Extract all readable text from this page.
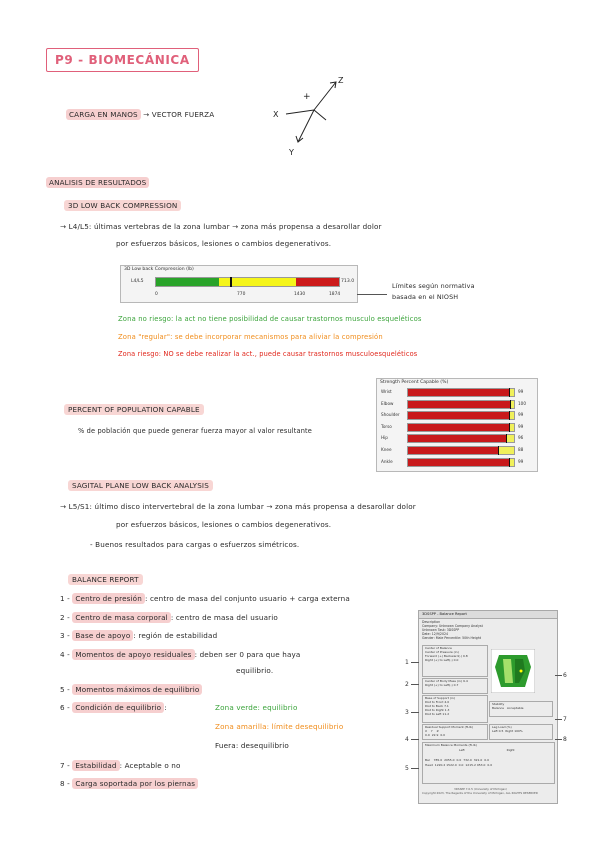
P9 - BIOMECÁNICA
CARGA EN MANOS → VECTOR FUERZA
Z
+
X
Y
ANALISIS DE RESULTADOS
3D LOW BACK COMPRESSION
→ L4/L5: últimas vertebras de la zona lumbar → zona más propensa a desarollar dolor
por esfuerzos básicos, lesiones o cambios degenerativos.
3D Low back Compression (lb)
L4/L5	713.0
0	770	1430	1874
Límites según normativa
basada en el NIOSH
Zona no riesgo: la act no tiene posibilidad de causar trastornos musculo esqueléticos
Zona "regular": se debe incorporar mecanismos para aliviar la compresión
Zona riesgo: NO se debe realizar la act., puede causar trastornos musculoesqueléticos
Strength Percent Capable (%)
Wrist	99
Elbow	100
Shoulder	99
Torso	99
Hip	96
Knee	88
Ankle	99
PERCENT OF POPULATION CAPABLE
% de población que puede generar fuerza mayor al valor resultante
SAGITAL PLANE LOW BACK ANALYSIS
→ L5/S1: último disco intervertebral de la zona lumbar → zona más propensa a desarollar dolor
por esfuerzos básicos, lesiones o cambios degenerativos.
- Buenos resultados para cargas o esfuerzos simétricos.
BALANCE REPORT
1 - Centro de presión : centro de masa del conjunto usuario + carga externa
2 - Centro de masa corporal : centro de masa del usuario
3 - Base de apoyo : región de estabilidad
4 - Momentos de apoyo residuales : deben ser 0 para que haya
equilibrio.
5 - Momentos máximos de equilibrio
6 - Condición de equilibrio :	Zona verde: equilibrio
Zona amarilla: límite desequilibrio
Fuera: desequilibrio
7 - Estabilidad : Aceptable o no
8 - Carga soportada por los piernas
3DSSPP - Balance Report
Description
Company: Unknown Company Analyst
Unknown Task: 3DSSPP
Date: 12/9/2024
Gender: Male Percentile: 50th Height
Center of Balance
Center of Pressure (in)
Forward (+) Backward(-) 9.8
Right (+) to Left(-) 0.0
Center of Body Mass (in) 9.4
Right (+) to Left(-) 0.7
Base of Support (in)
Dist to Front 4.0
Dist to Back 7.1
Dist to Right 1.3
Dist to Left 11.2
Stability
Balance Acceptable
Residual Support Moment (ft-lb)
X Y Z
0.0 22.9 0.0
Leg Load (%)
Left 0.5 Right 100%
Maximum Balance Moments (ft-lb)
Left	Right
Bal 785.0 2055.0 0.0 732.0 321.0 0.0
Head 1220.2 1522.0 0.0 1215.2 953.0 0.0
3DSSPP 7.0.5 (University of Michigan)
Copyright 2023, The Regents of the University of Michigan, ALL RIGHTS RESERVED
1
2
3
4
5
6
7
8
